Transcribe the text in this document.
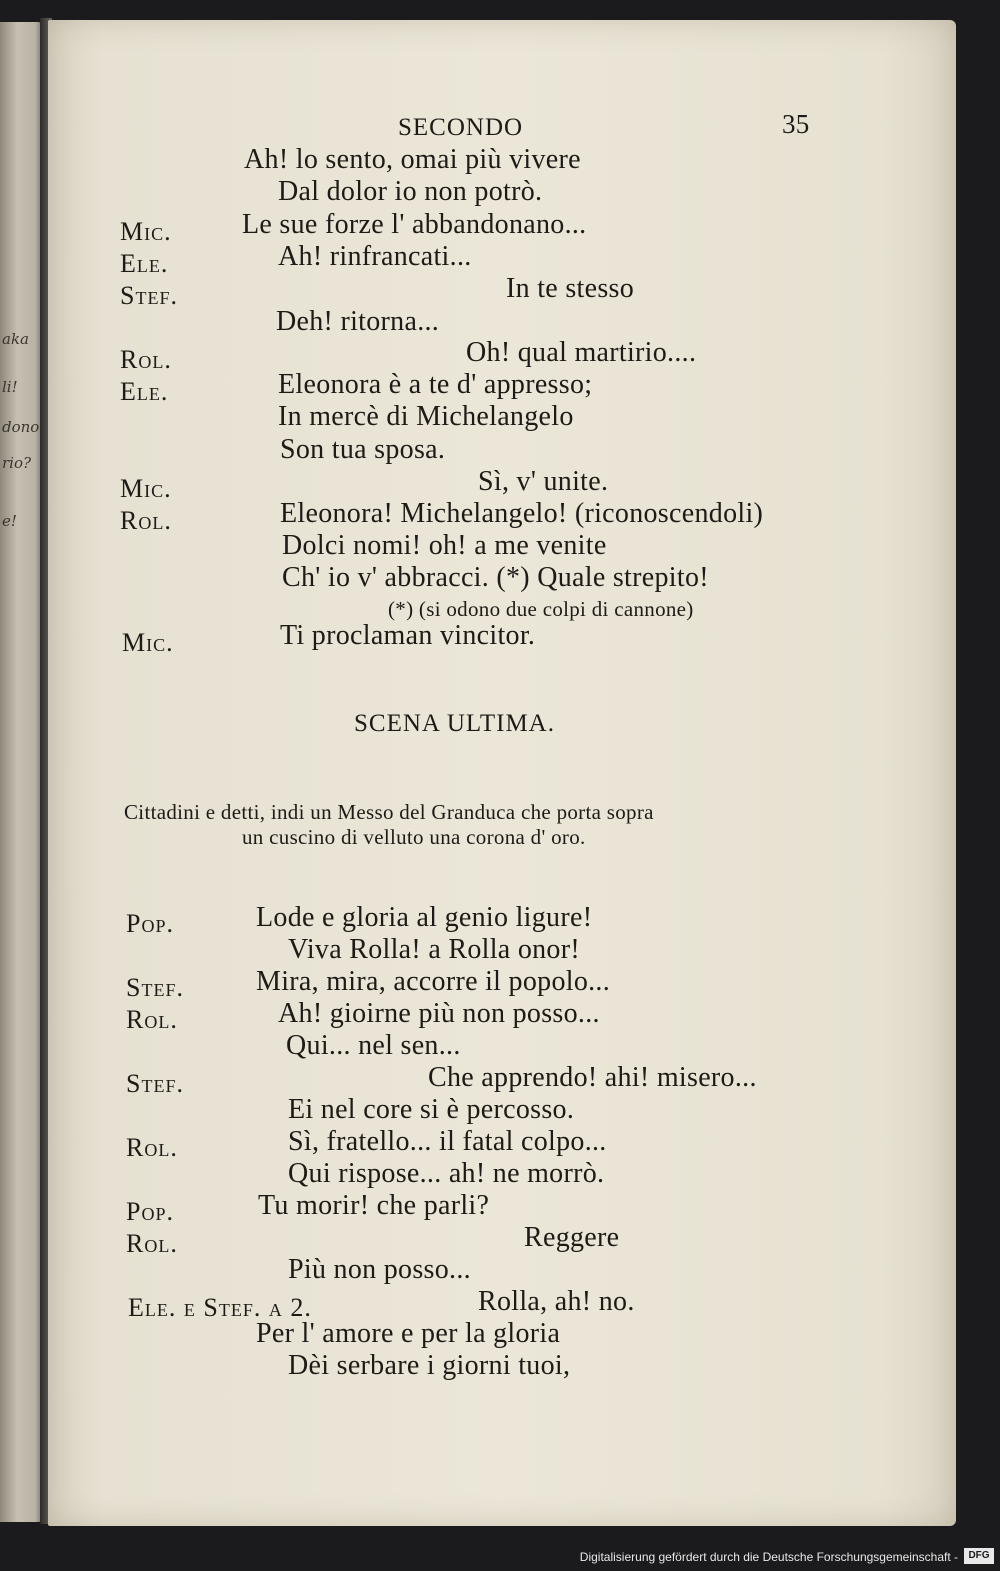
aka
li!
dono
rio?
e!
SECONDO	35
Ah! lo sento, omai più vivere
Dal dolor io non potrò.
Mic.	Le sue forze l' abbandonano...
Ele.	Ah! rinfrancati...
Stef.	In te stesso
Deh! ritorna...
Rol.	Oh! qual martirio....
Ele.	Eleonora è a te d' appresso;
In mercè di Michelangelo
Son tua sposa.
Mic.	Sì, v' unite.
Rol.	Eleonora! Michelangelo! (riconoscendoli)
Dolci nomi! oh! a me venite
Ch' io v' abbracci. (*) Quale strepito!
(*) (si odono due colpi di cannone)
Mic.	Ti proclaman vincitor.
SCENA ULTIMA.
Cittadini e detti, indi un Messo del Granduca che porta sopra
un cuscino di velluto una corona d' oro.
Pop.	Lode e gloria al genio ligure!
Viva Rolla! a Rolla onor!
Stef.	Mira, mira, accorre il popolo...
Rol.	Ah! gioirne più non posso...
Qui... nel sen...
Stef.	Che apprendo! ahi! misero...
Ei nel core si è percosso.
Rol.	Sì, fratello... il fatal colpo...
Qui rispose... ah! ne morrò.
Pop.	Tu morir! che parli?
Rol.	Reggere
Più non posso...
Ele. e Stef. a 2.	Rolla, ah! no.
Per l' amore e per la gloria
Dèi serbare i giorni tuoi,
Digitalisierung gefördert durch die Deutsche Forschungsgemeinschaft -	DFG
